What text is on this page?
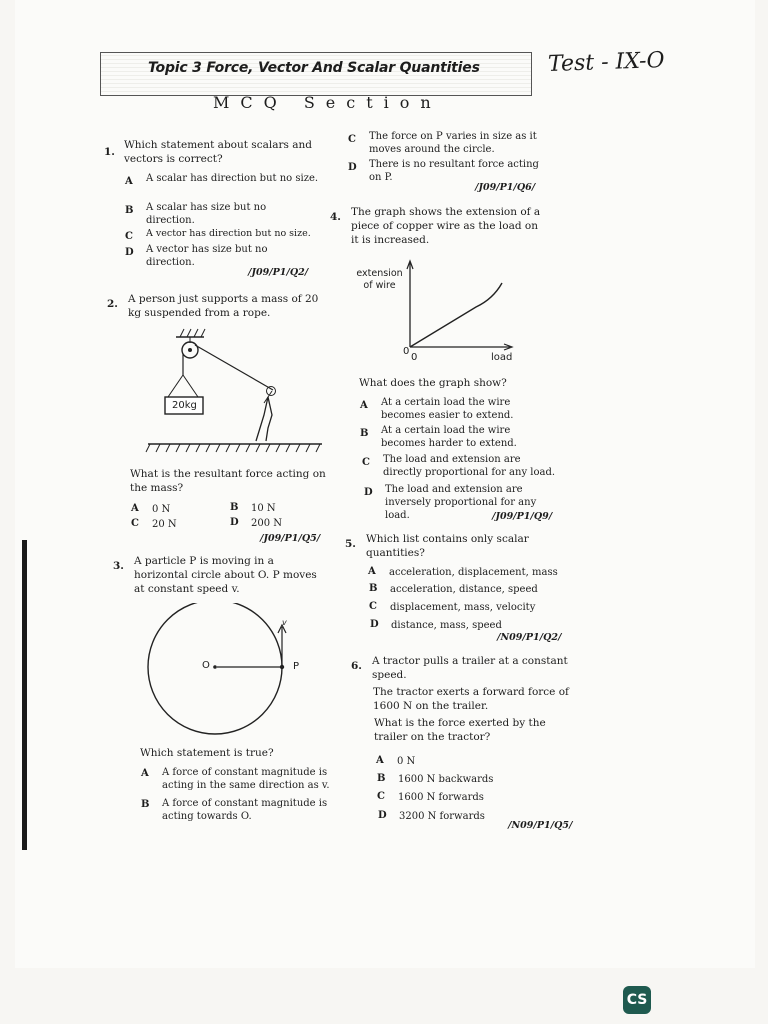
Topic 3 Force, Vector And Scalar Quantities
MCQ Section
Test - IX-O
1.
Which statement about scalars and vectors is correct?
A A scalar has direction but no size.
B A scalar has size but no direction.
C A vector has direction but no size.
D A vector has size but no direction.
/J09/P1/Q2/
2. A person just supports a mass of 20 kg suspended from a rope.
20kg
What is the resultant force acting on the mass?
A 0 N	B 10 N
C 20 N	D 200 N
/J09/P1/Q5/
3. A particle P is moving in a horizontal circle about O. P moves at constant speed v.
O	P
v
Which statement is true?
A A force of constant magnitude is acting in the same direction as v.
B A force of constant magnitude is acting towards O.
C The force on P varies in size as it moves around the circle.
D There is no resultant force acting on P.
/J09/P1/Q6/
4. The graph shows the extension of a piece of copper wire as the load on it is increased.
extension of wire
0
0	load
What does the graph show?
A At a certain load the wire becomes easier to extend.
B At a certain load the wire becomes harder to extend.
C The load and extension are directly proportional for any load.
D The load and extension are inversely proportional for any load.	/J09/P1/Q9/
5. Which list contains only scalar quantities?
A acceleration, displacement, mass
B acceleration, distance, speed
C displacement, mass, velocity
D distance, mass, speed
/N09/P1/Q2/
6. A tractor pulls a trailer at a constant speed.
The tractor exerts a forward force of 1600 N on the trailer.
What is the force exerted by the trailer on the tractor?
A 0 N
B 1600 N backwards
C 1600 N forwards
D 3200 N forwards
/N09/P1/Q5/
CS
